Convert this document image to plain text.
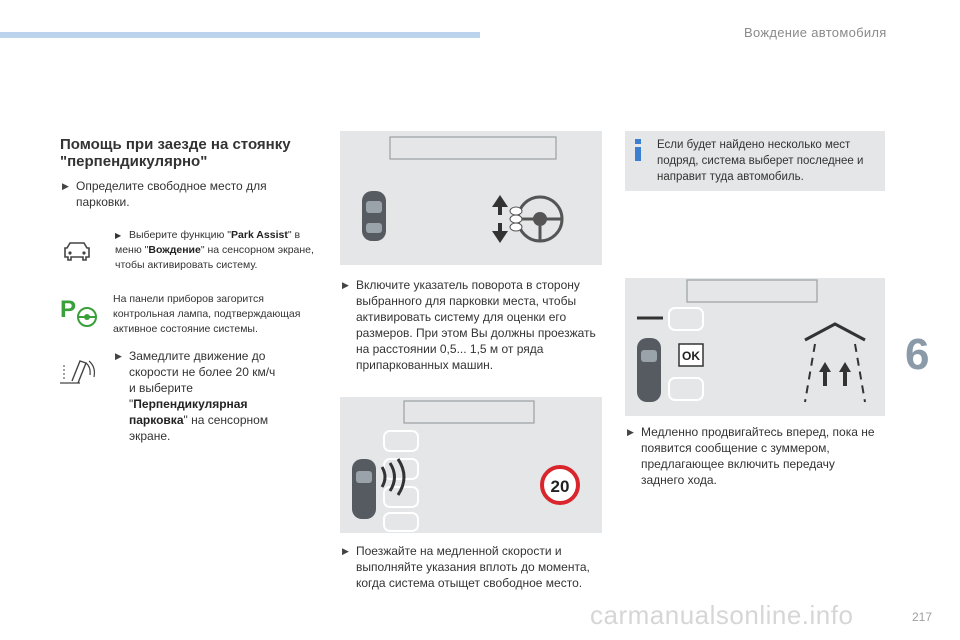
Вождение автомобиля
6
217
Помощь при заезде на стоянку "перпендикулярно"
▶ Определите свободное место для парковки.
▶ Выберите функцию "Park Assist" в меню "Вождение" на сенсорном экране, чтобы активировать систему.
P	На панели приборов загорится контрольная лампа, подтверждающая активное состояние системы.
▶ Замедлите движение до скорости не более 20 км/ч и выберите "Перпендикулярная парковка" на сенсорном экране.
▶ Включите указатель поворота в сторону выбранного для парковки места, чтобы активировать систему для оценки его размеров. При этом Вы должны проезжать на расстоянии 0,5... 1,5 м от ряда припаркованных машин.
20
▶ Поезжайте на медленной скорости и выполняйте указания вплоть до момента, когда система отыщет свободное место.
Если будет найдено несколько мест подряд, система выберет последнее и направит туда автомобиль.
OK
▶ Медленно продвигайтесь вперед, пока не появится сообщение с зуммером, предлагающее включить передачу заднего хода.
carmanualsonline.info
